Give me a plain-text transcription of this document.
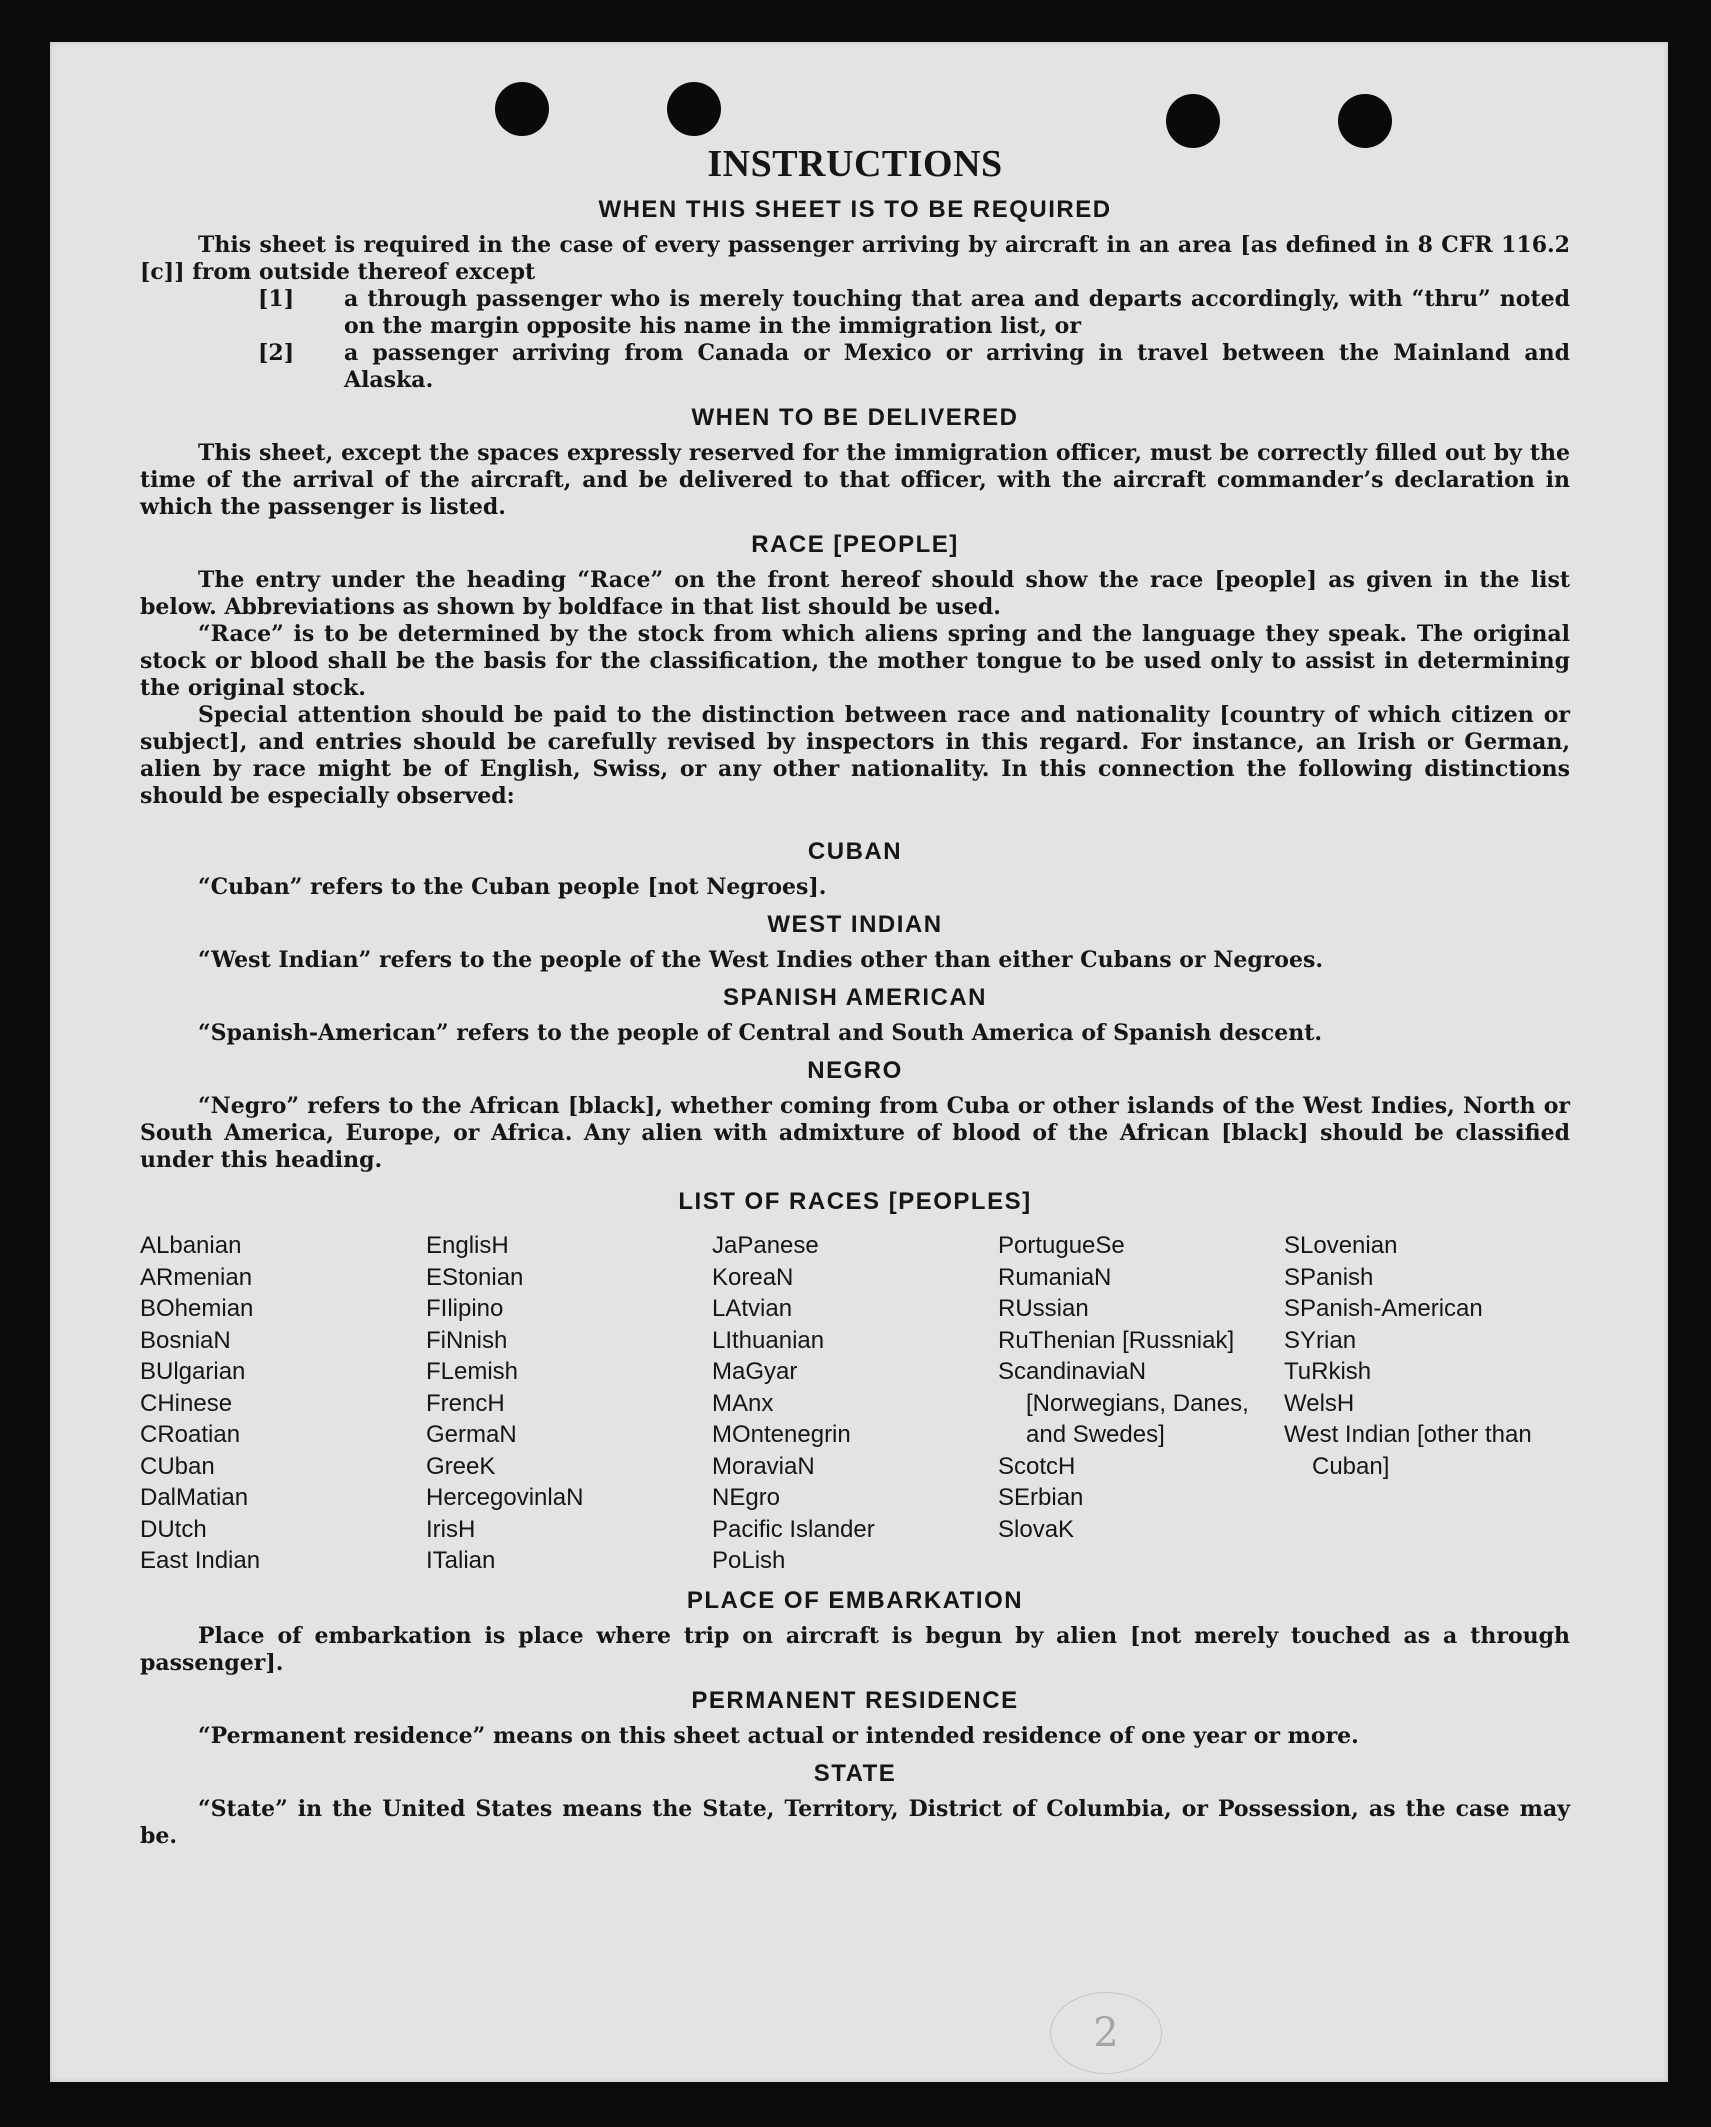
INSTRUCTIONS
WHEN THIS SHEET IS TO BE REQUIRED

This sheet is required in the case of every passenger arriving by aircraft in an area [as defined in 8 CFR 116.2 [c]] from outside thereof except

[1] a through passenger who is merely touching that area and departs accordingly, with “thru” noted on the margin opposite his name in the immigration list, or
[2] a passenger arriving from Canada or Mexico or arriving in travel between the Mainland and Alaska.
WHEN TO BE DELIVERED

This sheet, except the spaces expressly reserved for the immigration officer, must be correctly filled out by the time of the arrival of the aircraft, and be delivered to that officer, with the aircraft commander’s declaration in which the passenger is listed.

RACE [PEOPLE]

The entry under the heading “Race” on the front hereof should show the race [people] as given in the list below. Abbreviations as shown by boldface in that list should be used.

“Race” is to be determined by the stock from which aliens spring and the language they speak. The original stock or blood shall be the basis for the classification, the mother tongue to be used only to assist in determining the original stock.

Special attention should be paid to the distinction between race and nationality [country of which citizen or subject], and entries should be carefully revised by inspectors in this regard. For instance, an Irish or German, alien by race might be of English, Swiss, or any other nationality. In this connection the following distinctions should be especially observed:

CUBAN

“Cuban” refers to the Cuban people [not Negroes].

WEST INDIAN

“West Indian” refers to the people of the West Indies other than either Cubans or Negroes.

SPANISH AMERICAN

“Spanish-American” refers to the people of Central and South America of Spanish descent.

NEGRO

“Negro” refers to the African [black], whether coming from Cuba or other islands of the West Indies, North or South America, Europe, or Africa. Any alien with admixture of blood of the African [black] should be classified under this heading.

LIST OF RACES [PEOPLES]
ALbanian
ARmenian
BOhemian
BosniaN
BUlgarian
CHinese
CRoatian
CUban
DalMatian
DUtch
East Indian
EnglisH
EStonian
FIlipino
FiNnish
FLemish
FrencH
GermaN
GreeK
HercegovinlaN
IrisH
ITalian
JaPanese
KoreaN
LAtvian
LIthuanian
MaGyar
MAnx
MOntenegrin
MoraviaN
NEgro
Pacific Islander
PoLish
PortugueSe
RumaniaN
RUssian
RuThenian [Russniak]
ScandinaviaN [Norwegians, Danes, and Swedes]
ScotcH
SErbian
SlovaK
SLovenian
SPanish
SPanish-American
SYrian
TuRkish
WelsH
West Indian [other than Cuban]
PLACE OF EMBARKATION

Place of embarkation is place where trip on aircraft is begun by alien [not merely touched as a through passenger].

PERMANENT RESIDENCE

“Permanent residence” means on this sheet actual or intended residence of one year or more.

STATE

“State” in the United States means the State, Territory, District of Columbia, or Possession, as the case may be.

2
